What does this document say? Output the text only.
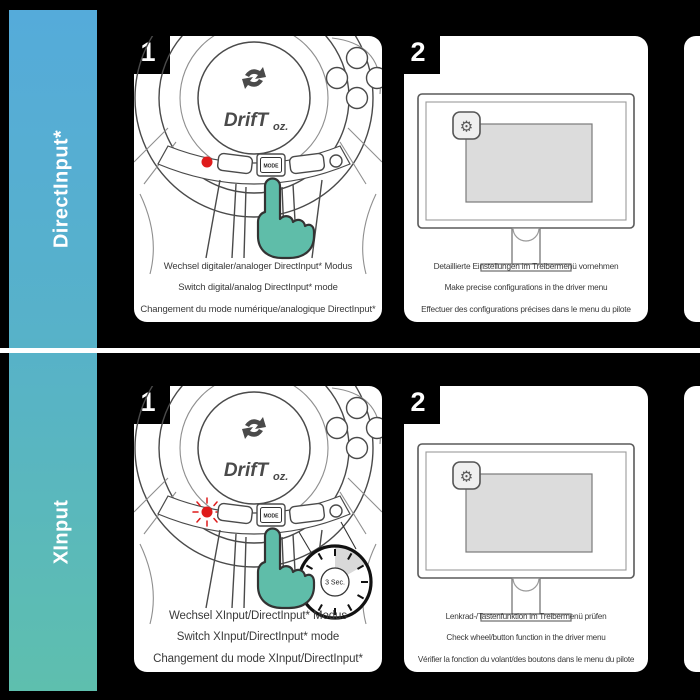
DirectInput*
XInput
1
DrifT oz.
MODE
Wechsel digitaler/analoger DirectInput* Modus
Switch digital/analog DirectInput* mode
Changement du mode numérique/analogique DirectInput*
2
⚙
Detaillierte Einstellungen im Treibermenü vornehmen
Make precise configurations in the driver menu
Effectuer des configurations précises dans le menu du pilote
1
DrifT oz.
MODE
3 Sec.
Wechsel XInput/DirectInput* Modus
Switch XInput/DirectInput* mode
Changement du mode XInput/DirectInput*
2
⚙
Lenkrad-/Tastenfunktion im Treibermenü prüfen
Check wheel/button function in the driver menu
Vérifier la fonction du volant/des boutons dans le menu du pilote
